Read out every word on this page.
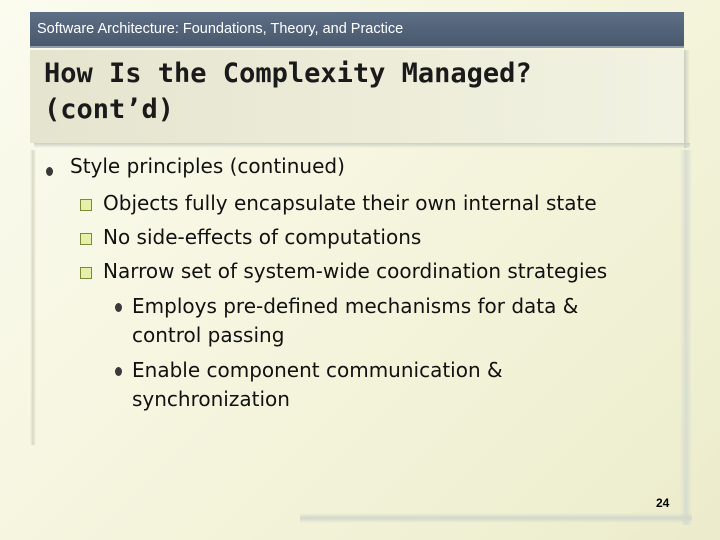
Software Architecture: Foundations, Theory, and Practice
How Is the Complexity Managed?
(cont’d)
Style principles (continued)
Objects fully encapsulate their own internal state
No side-effects of computations
Narrow set of system-wide coordination strategies
Employs pre-defined mechanisms for data &
control passing
Enable component communication &
synchronization
24
